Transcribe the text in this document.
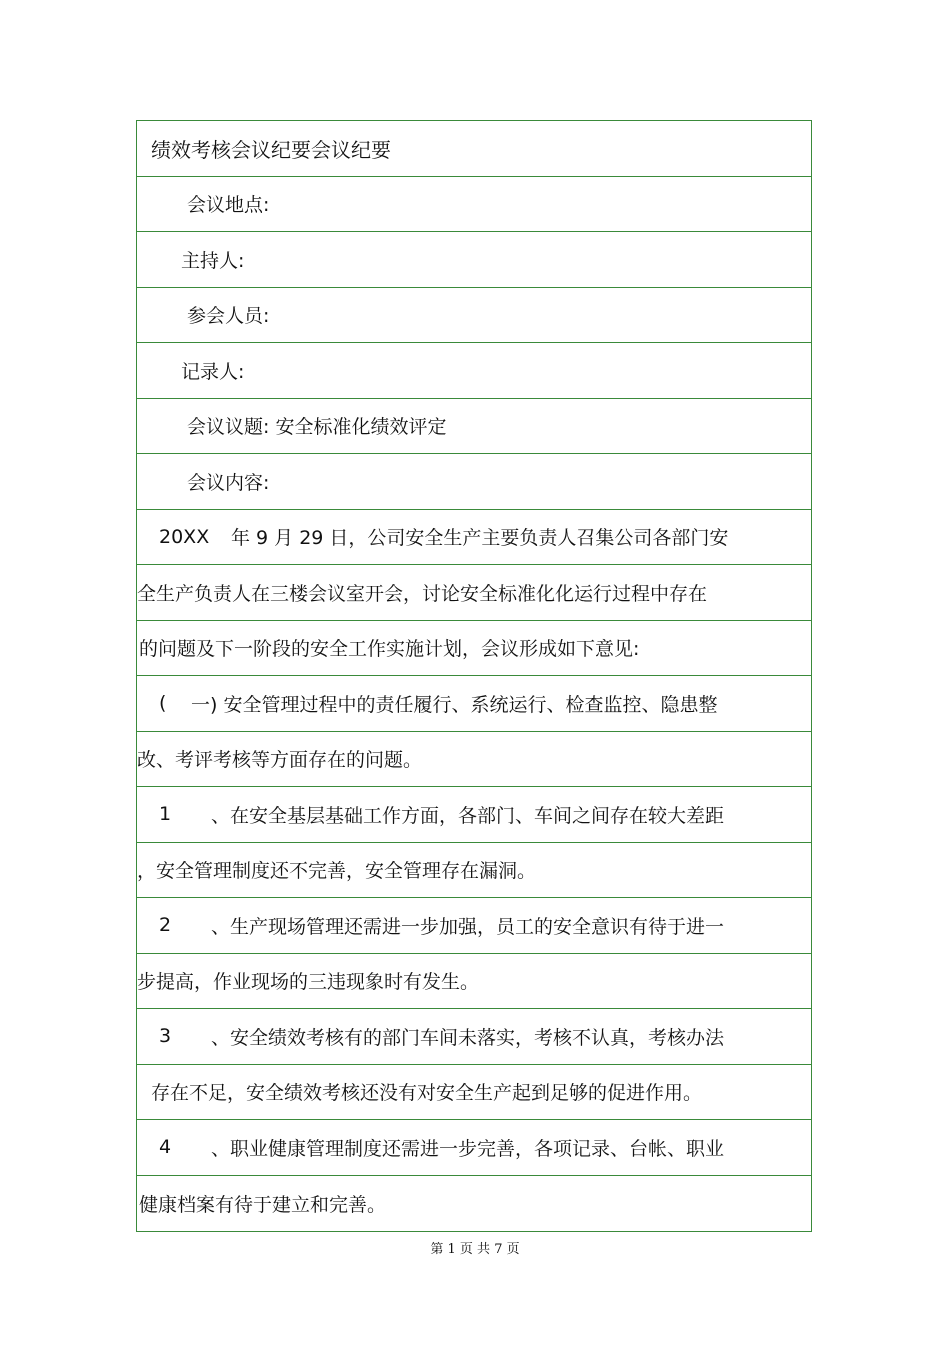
绩效考核会议纪要会议纪要
会议地点:
主持人:
参会人员:
记录人:
会议议题: 安全标准化绩效评定
会议内容:
20XX	年 9 月 29 日，公司安全生产主要负责人召集公司各部门安
全生产负责人在三楼会议室开会，讨论安全标准化化运行过程中存在
的问题及下一阶段的安全工作实施计划，会议形成如下意见:
(	一) 安全管理过程中的责任履行、系统运行、检查监控、隐患整
改、考评考核等方面存在的问题。
1	、在安全基层基础工作方面，各部门、车间之间存在较大差距
，安全管理制度还不完善，安全管理存在漏洞。
2	、生产现场管理还需进一步加强，员工的安全意识有待于进一
步提高，作业现场的三违现象时有发生。
3	、安全绩效考核有的部门车间未落实，考核不认真，考核办法
存在不足，安全绩效考核还没有对安全生产起到足够的促进作用。
4	、职业健康管理制度还需进一步完善，各项记录、台帐、职业
健康档案有待于建立和完善。
第 1 页 共 7 页
